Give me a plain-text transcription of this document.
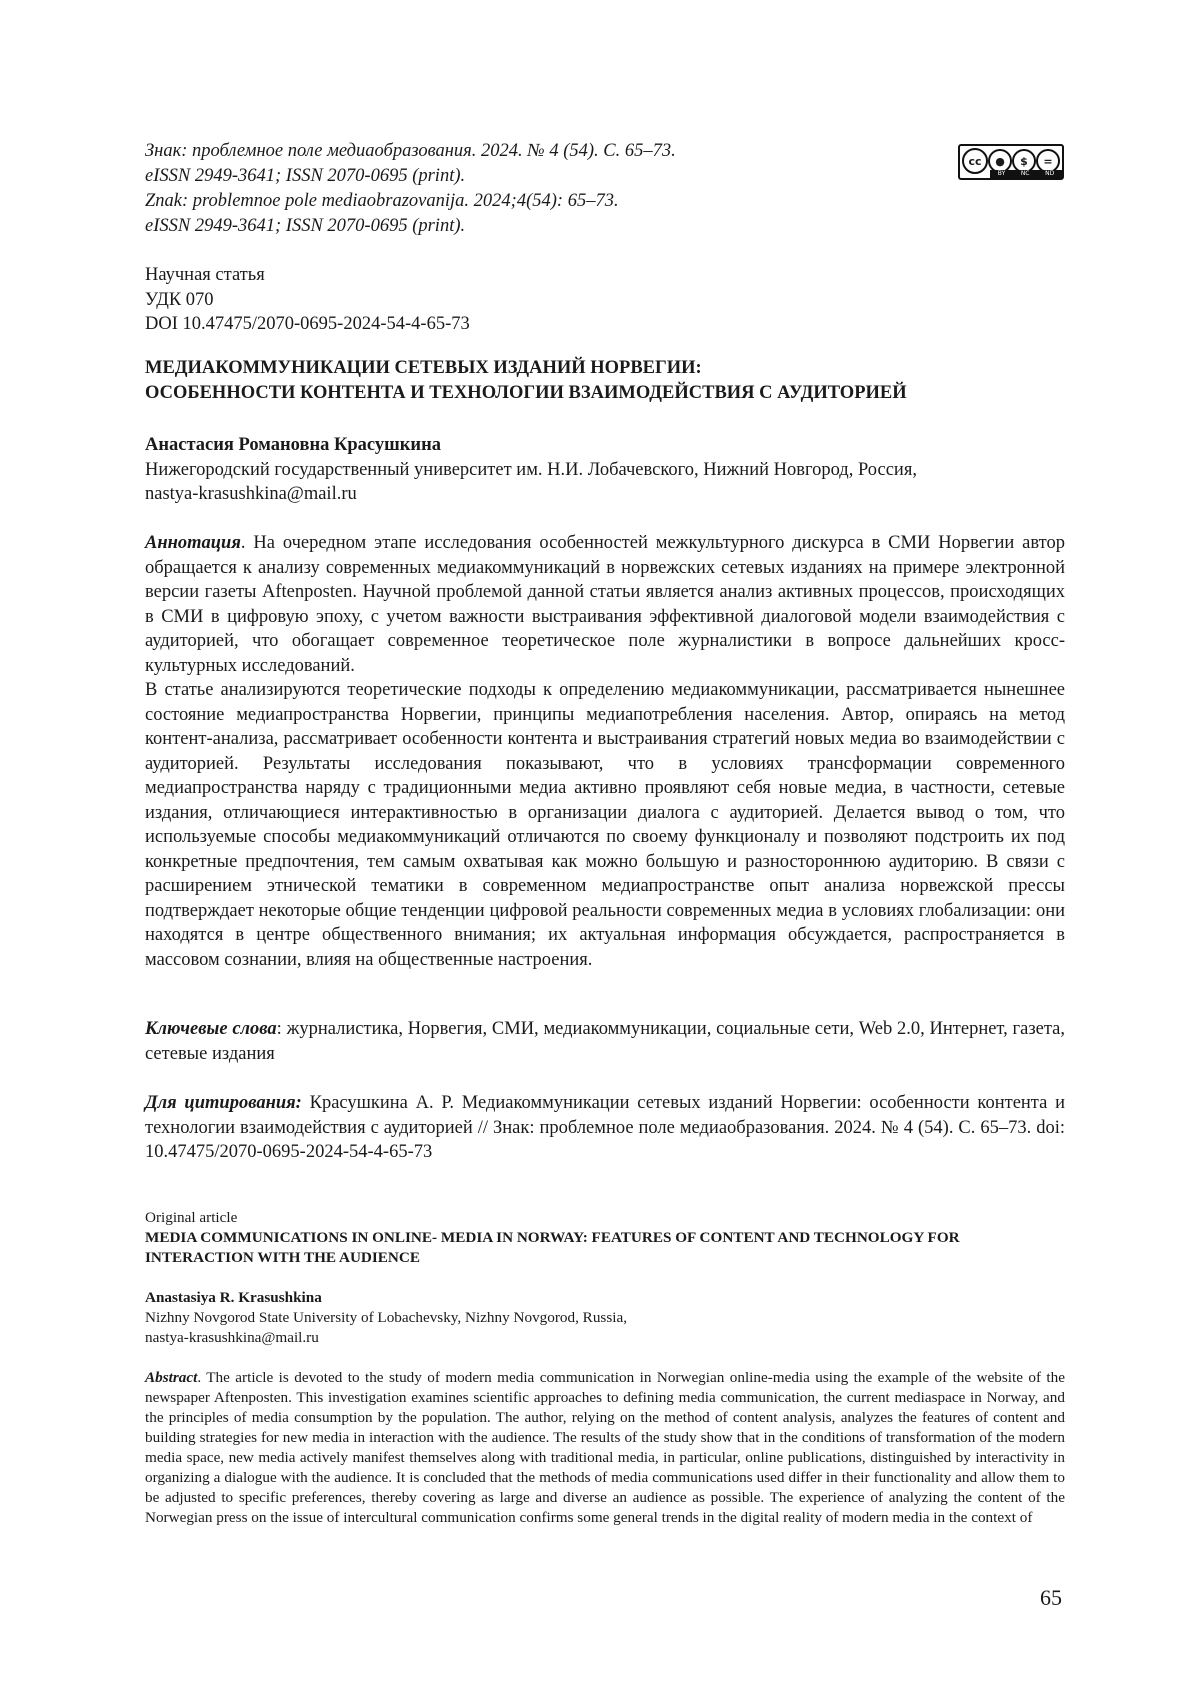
Знак: проблемное поле медиаобразования. 2024. № 4 (54). С. 65–73.
eISSN 2949-3641; ISSN 2070-0695 (print).
Znak: problemnoe pole mediaobrazovanija. 2024;4(54): 65–73.
eISSN 2949-3641; ISSN 2070-0695 (print).
cc	●	$	=
BY	NC	ND
Научная статья
УДК 070
DOI 10.47475/2070-0695-2024-54-4-65-73
МЕДИАКОММУНИКАЦИИ СЕТЕВЫХ ИЗДАНИЙ НОРВЕГИИ:
ОСОБЕННОСТИ КОНТЕНТА И ТЕХНОЛОГИИ ВЗАИМОДЕЙСТВИЯ С АУДИТОРИЕЙ
Анастасия Романовна Красушкина
Нижегородский государственный университет им. Н.И. Лобачевского, Нижний Новгород, Россия,
nastya-krasushkina@mail.ru

Аннотация. На очередном этапе исследования особенностей межкультурного дискурса в СМИ Норвегии автор обращается к анализу современных медиакоммуникаций в норвежских сетевых изданиях на примере электронной версии газеты Aftenposten. Научной проблемой данной статьи является анализ активных процессов, происходящих в СМИ в цифровую эпоху, с учетом важности выстраивания эффективной диалоговой модели взаимодействия с аудиторией, что обогащает современное теоретическое поле журналистики в вопросе дальнейших кросс-культурных исследований.

В статье анализируются теоретические подходы к определению медиакоммуникации, рассматривается нынешнее состояние медиапространства Норвегии, принципы медиапотребления населения. Автор, опираясь на метод контент-анализа, рассматривает особенности контента и выстраивания стратегий новых медиа во взаимодействии с аудиторией. Результаты исследования показывают, что в условиях трансформации современного медиапространства наряду с традиционными медиа активно проявляют себя новые медиа, в частности, сетевые издания, отличающиеся интерактивностью в организации диалога с аудиторией. Делается вывод о том, что используемые способы медиакоммуникаций отличаются по своему функционалу и позволяют подстроить их под конкретные предпочтения, тем самым охватывая как можно большую и разностороннюю аудиторию. В связи с расширением этнической тематики в современном медиапространстве опыт анализа норвежской прессы подтверждает некоторые общие тенденции цифровой реальности современных медиа в условиях глобализации: они находятся в центре общественного внимания; их актуальная информация обсуждается, распространяется в массовом сознании, влияя на общественные настроения.

Ключевые слова: журналистика, Норвегия, СМИ, медиакоммуникации, социальные сети, Web 2.0, Интернет, газета, сетевые издания
Для цитирования: Красушкина А. Р. Медиакоммуникации сетевых изданий Норвегии: особенности контента и технологии взаимодействия с аудиторией // Знак: проблемное поле медиаобразования. 2024. № 4 (54). С. 65–73. doi: 10.47475/2070-0695-2024-54-4-65-73
Original article
MEDIA COMMUNICATIONS IN ONLINE- MEDIA IN NORWAY: FEATURES OF CONTENT AND TECHNOLOGY FOR INTERACTION WITH THE AUDIENCE
Anastasiya R. Krasushkina
Nizhny Novgorod State University of Lobachevsky, Nizhny Novgorod, Russia,
nastya-krasushkina@mail.ru
Abstract. The article is devoted to the study of modern media communication in Norwegian online-media using the example of the website of the newspaper Aftenposten. This investigation examines scientific approaches to defining media communication, the current mediaspace in Norway, and the principles of media consumption by the population. The author, relying on the method of content analysis, analyzes the features of content and building strategies for new media in interaction with the audience. The results of the study show that in the conditions of transformation of the modern media space, new media actively manifest themselves along with traditional media, in particular, online publications, distinguished by interactivity in organizing a dialogue with the audience. It is concluded that the methods of media communications used differ in their functionality and allow them to be adjusted to specific preferences, thereby covering as large and diverse an audience as possible. The experience of analyzing the content of the Norwegian press on the issue of intercultural communication confirms some general trends in the digital reality of modern media in the context of
65
